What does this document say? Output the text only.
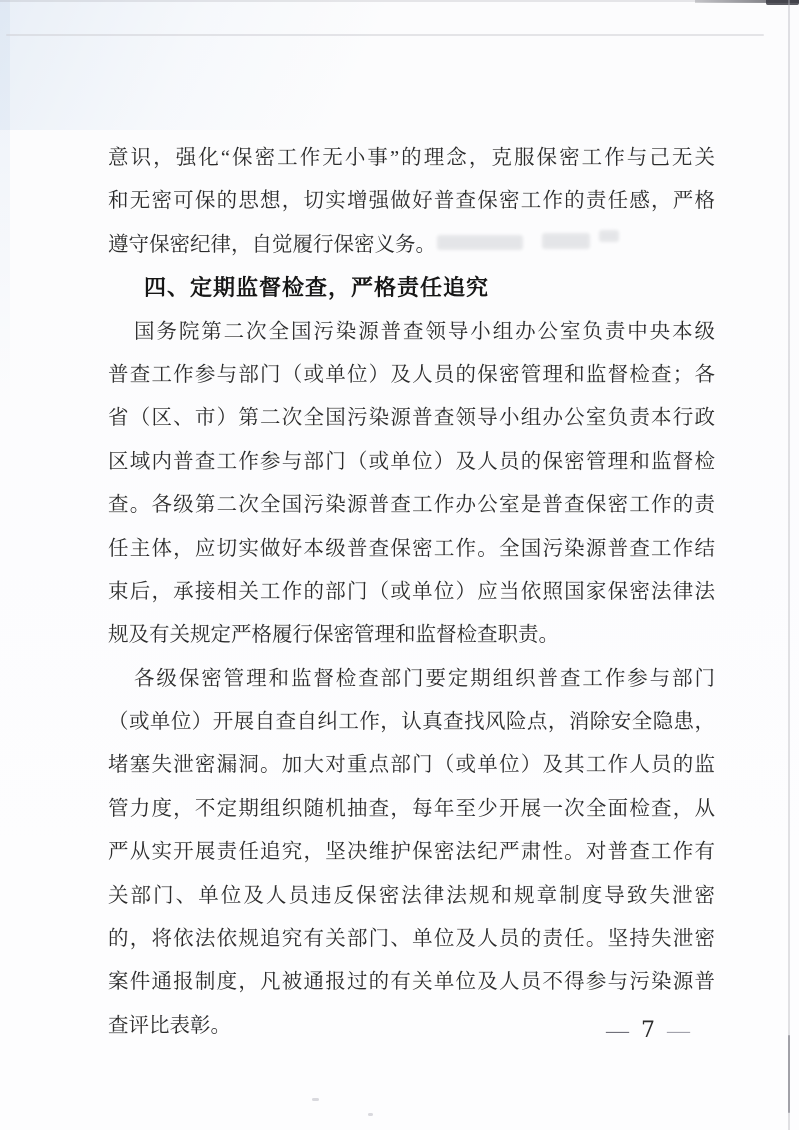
意识，强化“保密工作无小事”的理念，克服保密工作与己无关
和无密可保的思想，切实增强做好普查保密工作的责任感，严格
遵守保密纪律，自觉履行保密义务。
四、定期监督检查，严格责任追究
国务院第二次全国污染源普查领导小组办公室负责中央本级
普查工作参与部门（或单位）及人员的保密管理和监督检查；各
省（区、市）第二次全国污染源普查领导小组办公室负责本行政
区域内普查工作参与部门（或单位）及人员的保密管理和监督检
查。各级第二次全国污染源普查工作办公室是普查保密工作的责
任主体，应切实做好本级普查保密工作。全国污染源普查工作结
束后，承接相关工作的部门（或单位）应当依照国家保密法律法
规及有关规定严格履行保密管理和监督检查职责。
各级保密管理和监督检查部门要定期组织普查工作参与部门
（或单位）开展自查自纠工作，认真查找风险点，消除安全隐患，
堵塞失泄密漏洞。加大对重点部门（或单位）及其工作人员的监
管力度，不定期组织随机抽查，每年至少开展一次全面检查，从
严从实开展责任追究，坚决维护保密法纪严肃性。对普查工作有
关部门、单位及人员违反保密法律法规和规章制度导致失泄密
的，将依法依规追究有关部门、单位及人员的责任。坚持失泄密
案件通报制度，凡被通报过的有关单位及人员不得参与污染源普
查评比表彰。	— 7 —
